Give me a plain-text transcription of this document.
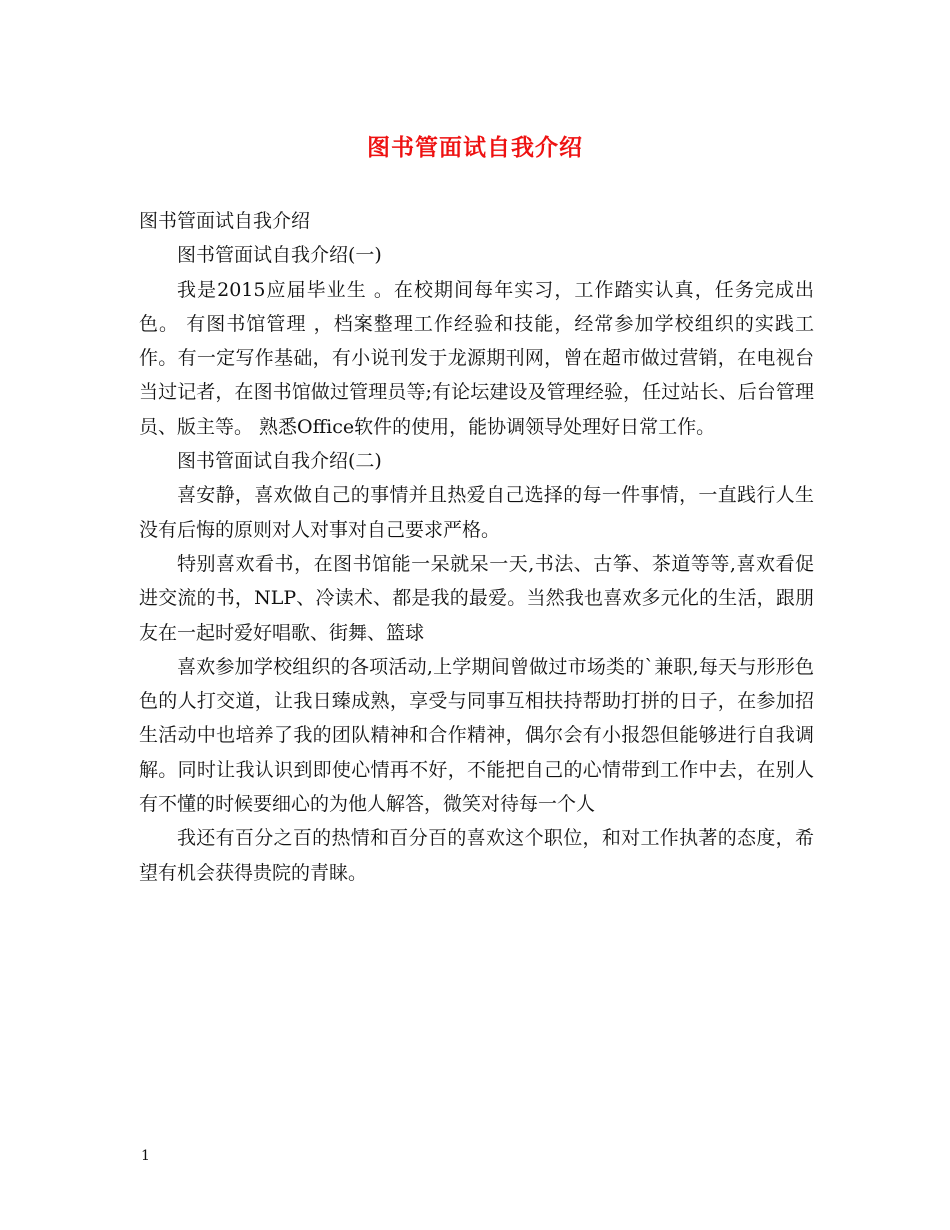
图书管面试自我介绍

图书管面试自我介绍

图书管面试自我介绍(一)

我是2015应届毕业生 。在校期间每年实习，工作踏实认真，任务完成出色。 有图书馆管理 ，档案整理工作经验和技能，经常参加学校组织的实践工作。有一定写作基础，有小说刊发于龙源期刊网，曾在超市做过营销，在电视台当过记者，在图书馆做过管理员等;有论坛建设及管理经验，任过站长、后台管理员、版主等。 熟悉Office软件的使用，能协调领导处理好日常工作。

图书管面试自我介绍(二)

喜安静，喜欢做自己的事情并且热爱自己选择的每一件事情，一直践行人生没有后悔的原则对人对事对自己要求严格。

特别喜欢看书，在图书馆能一呆就呆一天,书法、古筝、茶道等等,喜欢看促进交流的书，NLP、冷读术、都是我的最爱。当然我也喜欢多元化的生活，跟朋友在一起时爱好唱歌、街舞、篮球

喜欢参加学校组织的各项活动,上学期间曾做过市场类的`兼职,每天与形形色色的人打交道，让我日臻成熟，享受与同事互相扶持帮助打拼的日子，在参加招生活动中也培养了我的团队精神和合作精神，偶尔会有小报怨但能够进行自我调解。同时让我认识到即使心情再不好，不能把自己的心情带到工作中去，在别人有不懂的时候要细心的为他人解答，微笑对待每一个人

我还有百分之百的热情和百分百的喜欢这个职位，和对工作执著的态度，希望有机会获得贵院的青睐。

1
